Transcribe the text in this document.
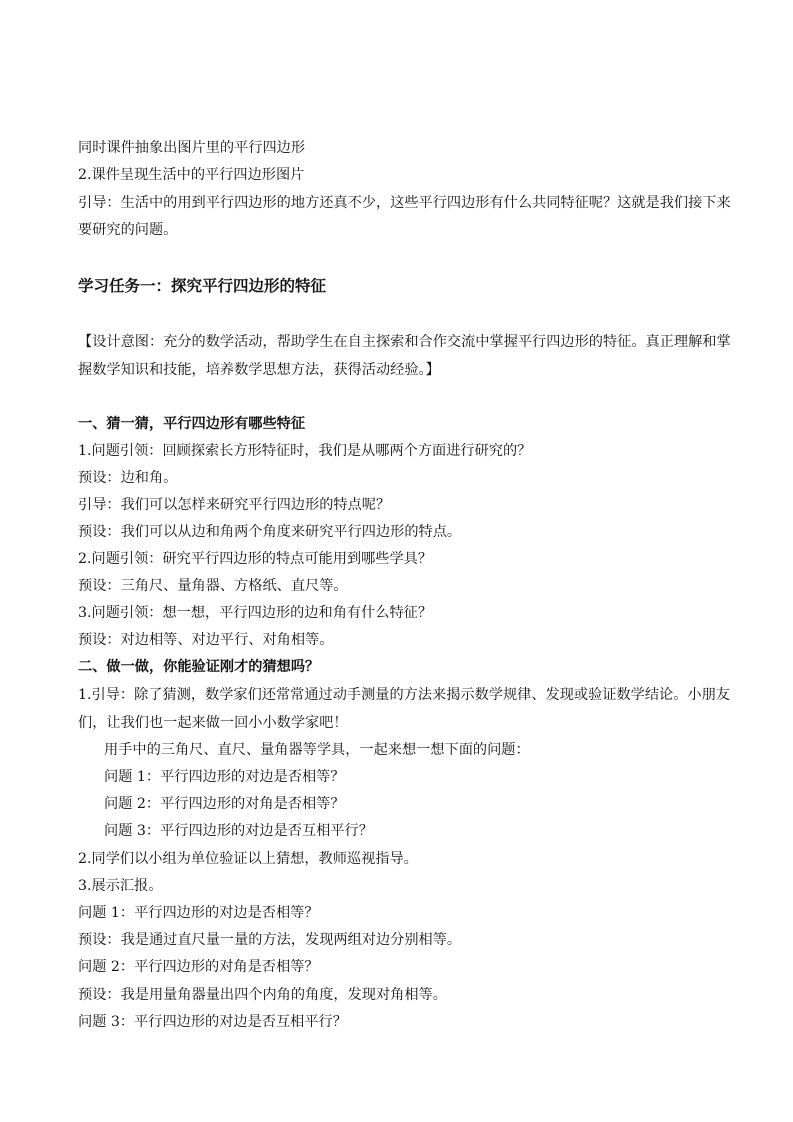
同时课件抽象出图片里的平行四边形
2.课件呈现生活中的平行四边形图片
引导：生活中的用到平行四边形的地方还真不少，这些平行四边形有什么共同特征呢？这就是我们接下来
要研究的问题。
学习任务一：探究平行四边形的特征
【设计意图：充分的数学活动，帮助学生在自主探索和合作交流中掌握平行四边形的特征。真正理解和掌
握数学知识和技能，培养数学思想方法，获得活动经验。】
一、猜一猜，平行四边形有哪些特征
1.问题引领：回顾探索长方形特征时，我们是从哪两个方面进行研究的？
预设：边和角。
引导：我们可以怎样来研究平行四边形的特点呢？
预设：我们可以从边和角两个角度来研究平行四边形的特点。
2.问题引领：研究平行四边形的特点可能用到哪些学具？
预设：三角尺、量角器、方格纸、直尺等。
3.问题引领：想一想，平行四边形的边和角有什么特征？
预设：对边相等、对边平行、对角相等。
二、做一做，你能验证刚才的猜想吗？
1.引导：除了猜测，数学家们还常常通过动手测量的方法来揭示数学规律、发现或验证数学结论。小朋友
们，让我们也一起来做一回小小数学家吧！
用手中的三角尺、直尺、量角器等学具，一起来想一想下面的问题：
问题 1：平行四边形的对边是否相等？
问题 2：平行四边形的对角是否相等？
问题 3：平行四边形的对边是否互相平行？
2.同学们以小组为单位验证以上猜想，教师巡视指导。
3.展示汇报。
问题 1：平行四边形的对边是否相等？
预设：我是通过直尺量一量的方法，发现两组对边分别相等。
问题 2：平行四边形的对角是否相等？
预设：我是用量角器量出四个内角的角度，发现对角相等。
问题 3：平行四边形的对边是否互相平行？
